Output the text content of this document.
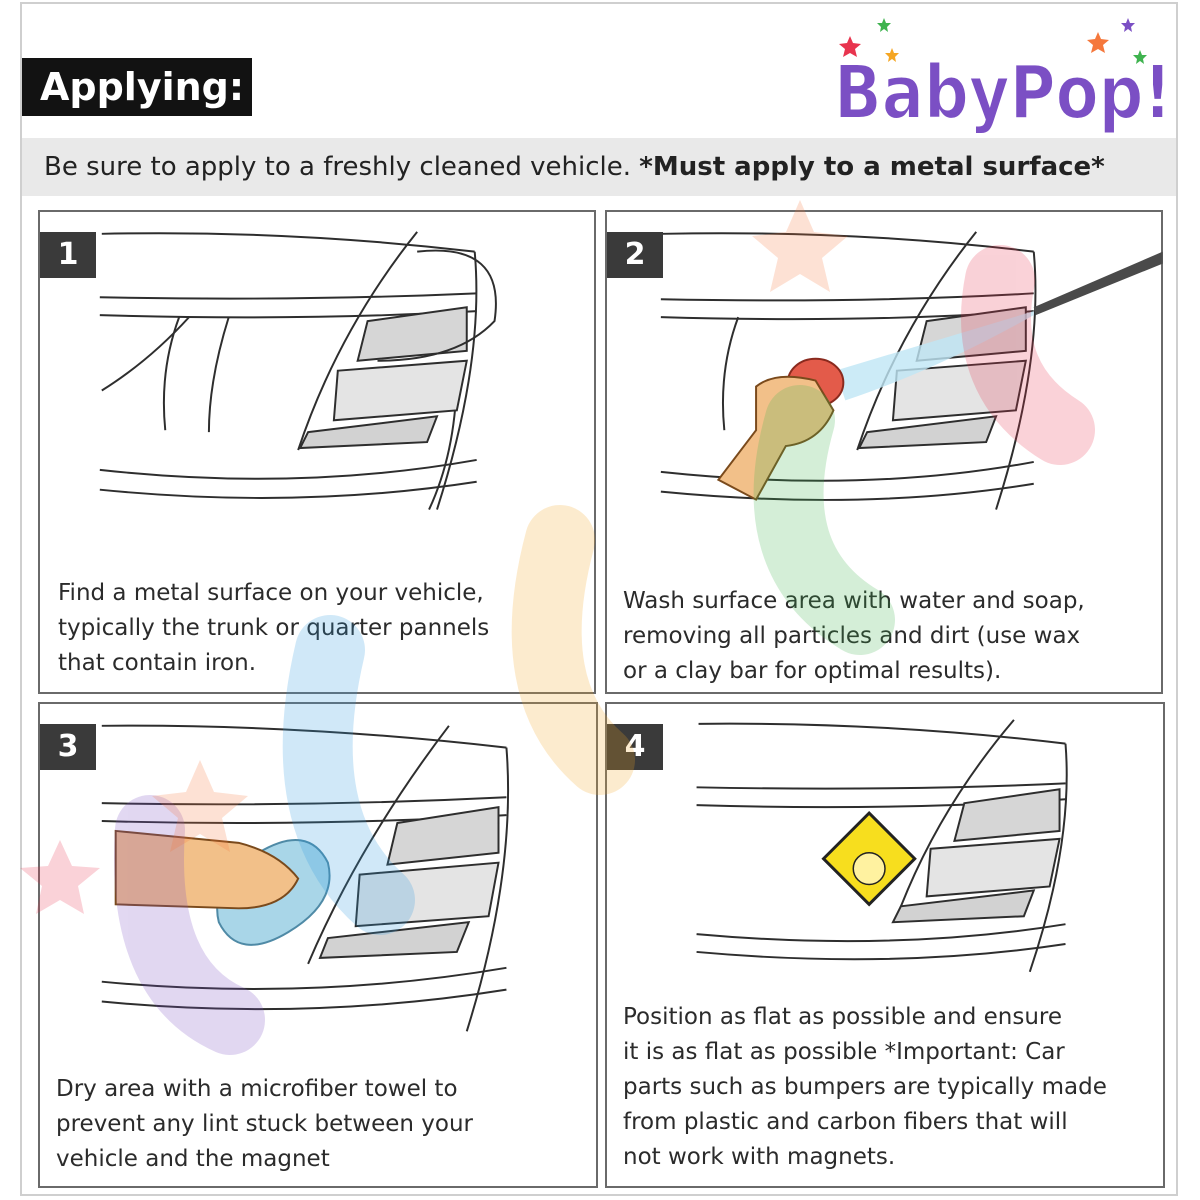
Applying:	BabyPop!
Be sure to apply to a freshly cleaned vehicle. *Must apply to a metal surface*
1
Find a metal surface on your vehicle,
typically the trunk or quarter pannels
that contain iron.
2
Wash surface area with water and soap,
removing all particles and dirt (use wax
or a clay bar for optimal results).
3
Dry area with a microfiber towel to
prevent any lint stuck between your
vehicle and the magnet
4
Position as flat as possible and ensure
it is as flat as possible *Important: Car
parts such as bumpers are typically made
from plastic and carbon fibers that will
not work with magnets.
